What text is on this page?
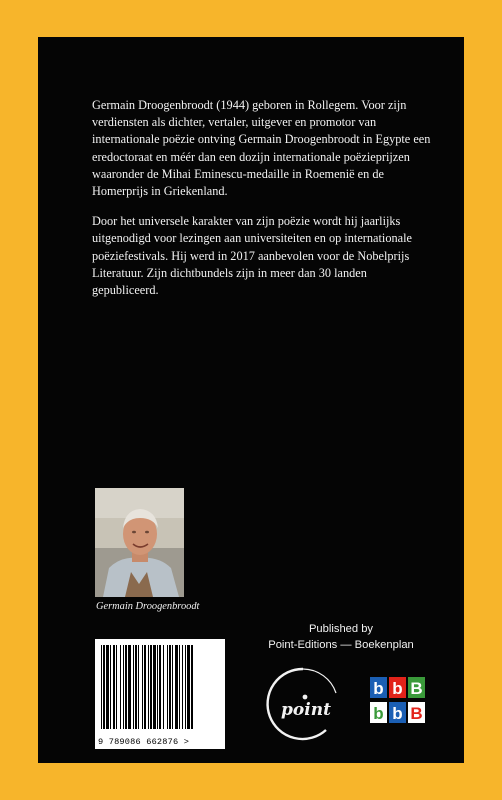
Germain Droogenbroodt (1944) geboren in Rollegem. Voor zijn verdiensten als dichter, vertaler, uitgever en promotor van internationale poëzie ontving Germain Droogenbroodt in Egypte een eredoctoraat en méér dan een dozijn internationale poëzieprijzen waaronder de Mihai Eminescu-medaille in Roemenië en de Homerprijs in Griekenland.

Door het universele karakter van zijn poëzie wordt hij jaarlijks uitgenodigd voor lezingen aan universiteiten en op internationale poëziefestivals. Hij werd in 2017 aanbevolen voor de Nobelprijs Literatuur. Zijn dichtbundels zijn in meer dan 30 landen gepubliceerd.

Germain Droogenbroodt
Published by
Point-Editions — Boekenplan
9 789086 662876 >
point
b b B
b b B
